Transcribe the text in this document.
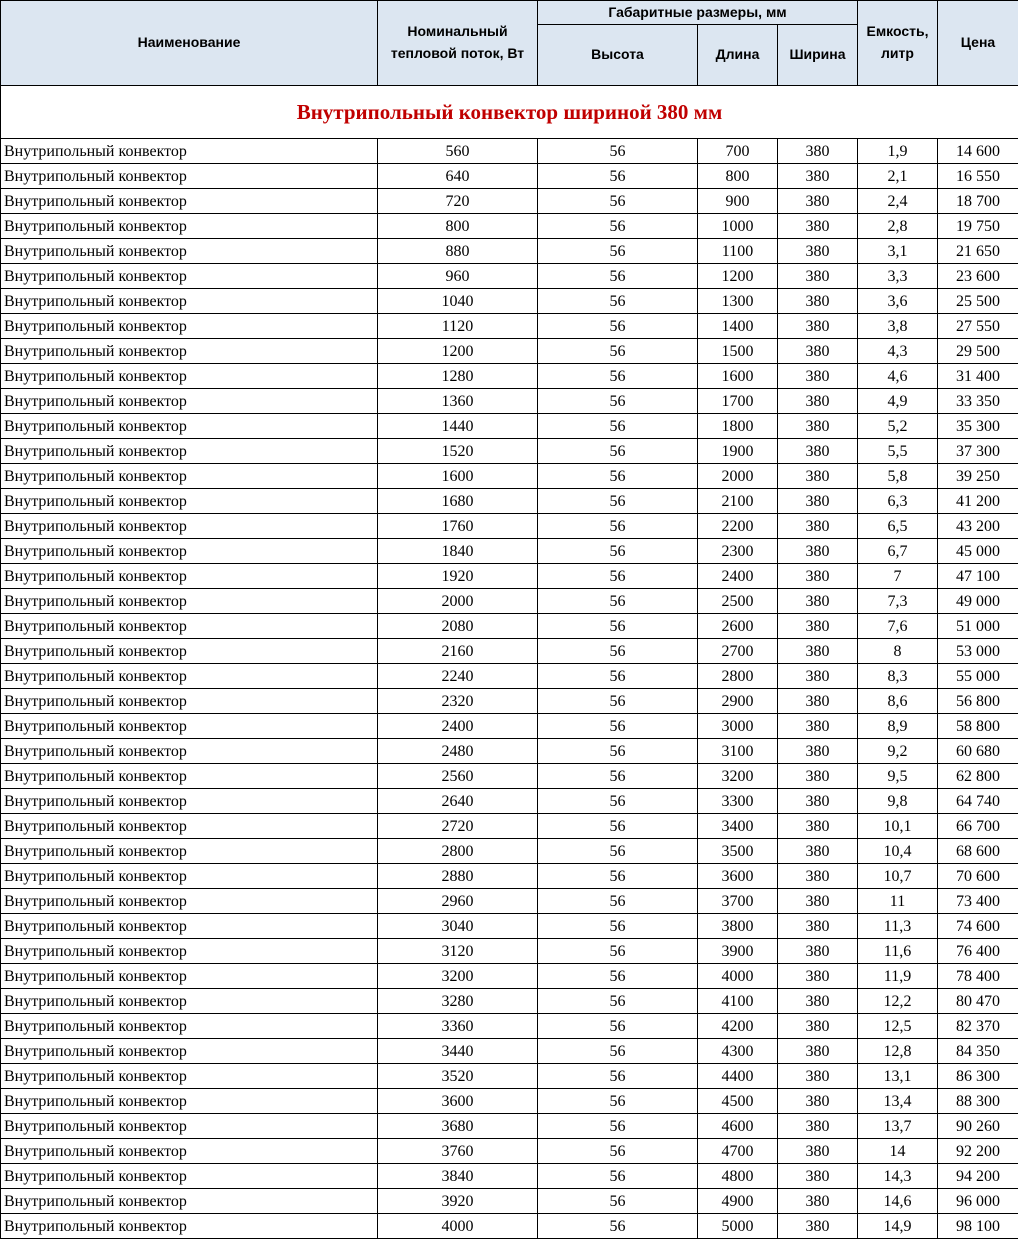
Наименование	Номинальный тепловой поток, Вт	Габаритные размеры, мм			Емкость, литр	Цена
		Высота	Длина	Ширина		
Внутрипольный конвектор шириной 380 мм						
Внутрипольный конвектор	560	56	700	380	1,9	14 600
Внутрипольный конвектор	640	56	800	380	2,1	16 550
Внутрипольный конвектор	720	56	900	380	2,4	18 700
Внутрипольный конвектор	800	56	1000	380	2,8	19 750
Внутрипольный конвектор	880	56	1100	380	3,1	21 650
Внутрипольный конвектор	960	56	1200	380	3,3	23 600
Внутрипольный конвектор	1040	56	1300	380	3,6	25 500
Внутрипольный конвектор	1120	56	1400	380	3,8	27 550
Внутрипольный конвектор	1200	56	1500	380	4,3	29 500
Внутрипольный конвектор	1280	56	1600	380	4,6	31 400
Внутрипольный конвектор	1360	56	1700	380	4,9	33 350
Внутрипольный конвектор	1440	56	1800	380	5,2	35 300
Внутрипольный конвектор	1520	56	1900	380	5,5	37 300
Внутрипольный конвектор	1600	56	2000	380	5,8	39 250
Внутрипольный конвектор	1680	56	2100	380	6,3	41 200
Внутрипольный конвектор	1760	56	2200	380	6,5	43 200
Внутрипольный конвектор	1840	56	2300	380	6,7	45 000
Внутрипольный конвектор	1920	56	2400	380	7	47 100
Внутрипольный конвектор	2000	56	2500	380	7,3	49 000
Внутрипольный конвектор	2080	56	2600	380	7,6	51 000
Внутрипольный конвектор	2160	56	2700	380	8	53 000
Внутрипольный конвектор	2240	56	2800	380	8,3	55 000
Внутрипольный конвектор	2320	56	2900	380	8,6	56 800
Внутрипольный конвектор	2400	56	3000	380	8,9	58 800
Внутрипольный конвектор	2480	56	3100	380	9,2	60 680
Внутрипольный конвектор	2560	56	3200	380	9,5	62 800
Внутрипольный конвектор	2640	56	3300	380	9,8	64 740
Внутрипольный конвектор	2720	56	3400	380	10,1	66 700
Внутрипольный конвектор	2800	56	3500	380	10,4	68 600
Внутрипольный конвектор	2880	56	3600	380	10,7	70 600
Внутрипольный конвектор	2960	56	3700	380	11	73 400
Внутрипольный конвектор	3040	56	3800	380	11,3	74 600
Внутрипольный конвектор	3120	56	3900	380	11,6	76 400
Внутрипольный конвектор	3200	56	4000	380	11,9	78 400
Внутрипольный конвектор	3280	56	4100	380	12,2	80 470
Внутрипольный конвектор	3360	56	4200	380	12,5	82 370
Внутрипольный конвектор	3440	56	4300	380	12,8	84 350
Внутрипольный конвектор	3520	56	4400	380	13,1	86 300
Внутрипольный конвектор	3600	56	4500	380	13,4	88 300
Внутрипольный конвектор	3680	56	4600	380	13,7	90 260
Внутрипольный конвектор	3760	56	4700	380	14	92 200
Внутрипольный конвектор	3840	56	4800	380	14,3	94 200
Внутрипольный конвектор	3920	56	4900	380	14,6	96 000
Внутрипольный конвектор	4000	56	5000	380	14,9	98 100
